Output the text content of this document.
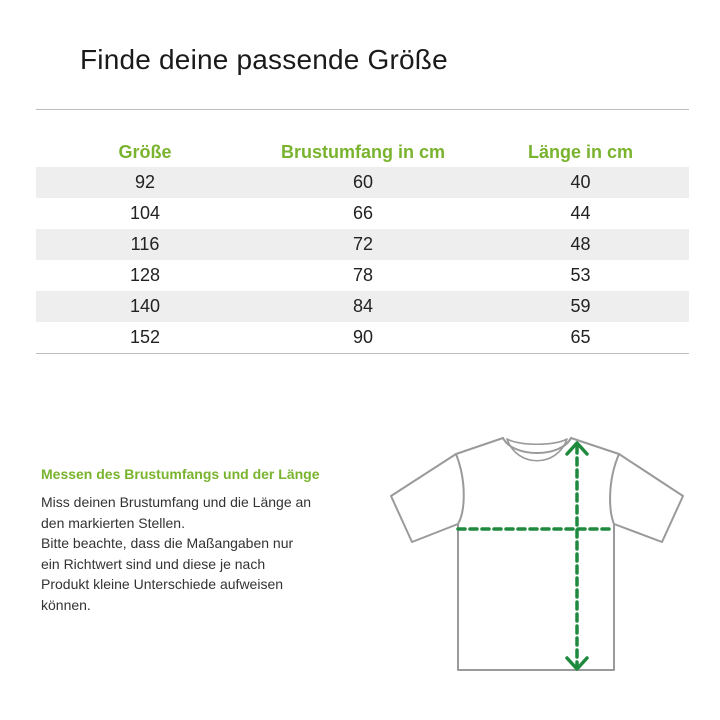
Finde deine passende Größe
Größe	Brustumfang in cm	Länge in cm
92	60	40
104	66	44
116	72	48
128	78	53
140	84	59
152	90	65
Messen des Brustumfangs und der Länge

Miss deinen Brustumfang und die Länge an
den markierten Stellen.
Bitte beachte, dass die Maßangaben nur
ein Richtwert sind und diese je nach
Produkt kleine Unterschiede aufweisen
können.
